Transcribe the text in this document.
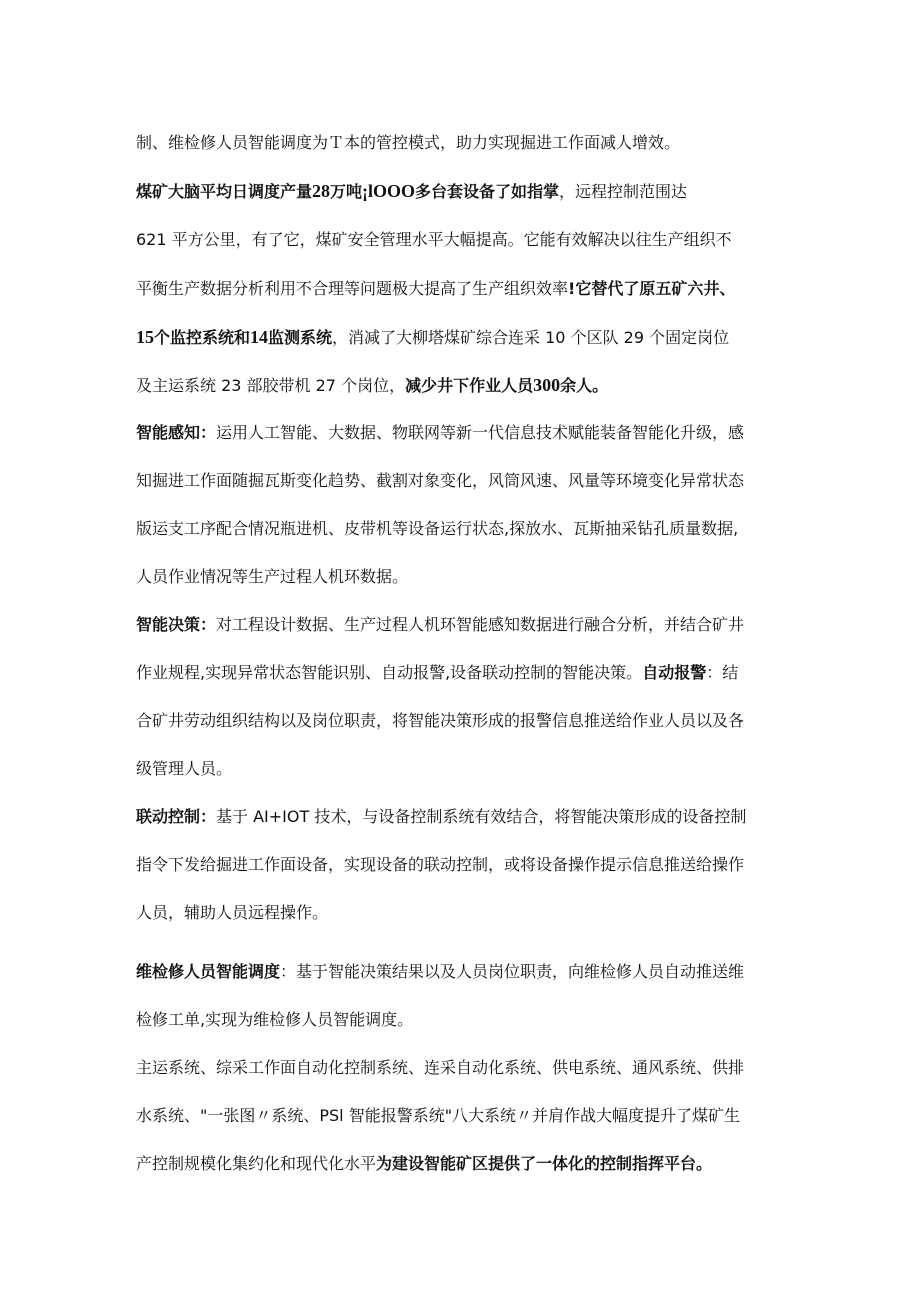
制、维检修人员智能调度为Ｔ本的管控模式，助力实现掘进工作面减人增效。
煤矿大脑平均日调度产量28万吨¡lOOO多台套设备了如指掌，远程控制范围达
621 平方公里，有了它，煤矿安全管理水平大幅提高。它能有效解决以往生产组织不
平衡生产数据分析利用不合理等问题极大提高了生产组织效率!它替代了原五矿六井、
15个监控系统和14监测系统，消减了大柳塔煤矿综合连采 10 个区队 29 个固定岗位
及主运系统 23 部胶带机 27 个岗位，减少井下作业人员300余人。
智能感知：运用人工智能、大数据、物联网等新一代信息技术赋能装备智能化升级，感
知掘进工作面随掘瓦斯变化趋势、截割对象变化，风筒风速、风量等环境变化异常状态
版运支工序配合情况瓶进机、皮带机等设备运行状态,探放水、瓦斯抽采钻孔质量数据,
人员作业情况等生产过程人机环数据。
智能决策：对工程设计数据、生产过程人机环智能感知数据进行融合分析，并结合矿井
作业规程,实现异常状态智能识别、自动报警,设备联动控制的智能决策。自动报警：结
合矿井劳动组织结构以及岗位职责，将智能决策形成的报警信息推送给作业人员以及各
级管理人员。
联动控制：基于 AI+IOT 技术，与设备控制系统有效结合，将智能决策形成的设备控制
指令下发给掘进工作面设备，实现设备的联动控制，或将设备操作提示信息推送给操作
人员，辅助人员远程操作。
维检修人员智能调度：基于智能决策结果以及人员岗位职责，向维检修人员自动推送维
检修工单,实现为维检修人员智能调度。
主运系统、综采工作面自动化控制系统、连采自动化系统、供电系统、通风系统、供排
水系统、"一张图〃系统、PSl 智能报警系统"八大系统〃并肩作战大幅度提升了煤矿生
产控制规模化集约化和现代化水平为建设智能矿区提供了一体化的控制指挥平台。
